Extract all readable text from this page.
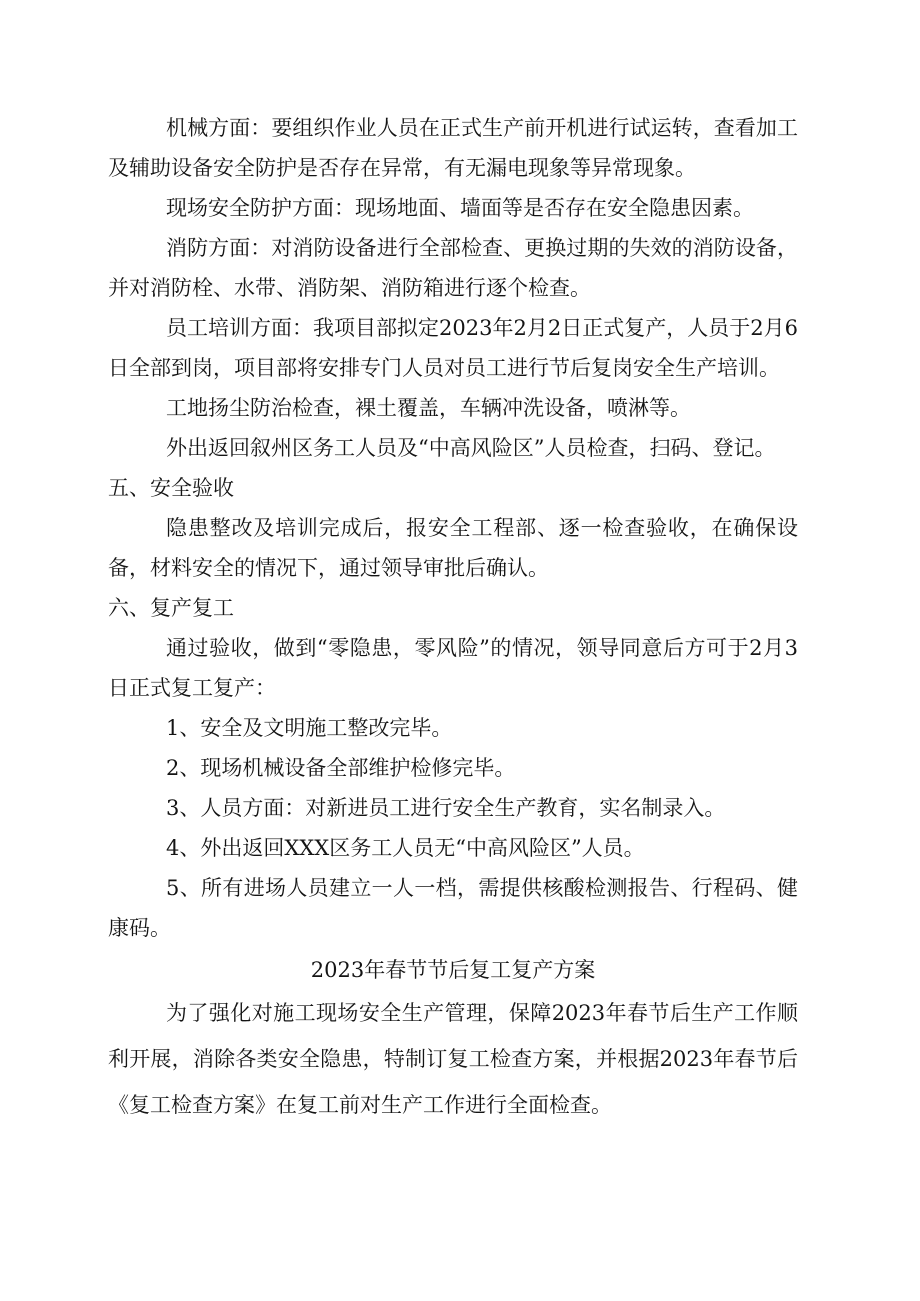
机械方面：要组织作业人员在正式生产前开机进行试运转，查看加工及辅助设备安全防护是否存在异常，有无漏电现象等异常现象。

现场安全防护方面：现场地面、墙面等是否存在安全隐患因素。

消防方面：对消防设备进行全部检查、更换过期的失效的消防设备，并对消防栓、水带、消防架、消防箱进行逐个检查。

员工培训方面：我项目部拟定2023年2月2日正式复产，人员于2月6日全部到岗，项目部将安排专门人员对员工进行节后复岗安全生产培训。

工地扬尘防治检查，裸土覆盖，车辆冲洗设备，喷淋等。

外出返回叙州区务工人员及“中高风险区”人员检查，扫码、登记。

五、安全验收

隐患整改及培训完成后，报安全工程部、逐一检查验收，在确保设备，材料安全的情况下，通过领导审批后确认。

六、复产复工

通过验收，做到“零隐患，零风险”的情况，领导同意后方可于2月3日正式复工复产：

1、安全及文明施工整改完毕。

2、现场机械设备全部维护检修完毕。

3、人员方面：对新进员工进行安全生产教育，实名制录入。

4、外出返回XXX区务工人员无“中高风险区”人员。

5、所有进场人员建立一人一档，需提供核酸检测报告、行程码、健康码。

2023年春节节后复工复产方案

为了强化对施工现场安全生产管理，保障2023年春节后生产工作顺利开展，消除各类安全隐患，特制订复工检查方案，并根据2023年春节后《复工检查方案》在复工前对生产工作进行全面检查。
